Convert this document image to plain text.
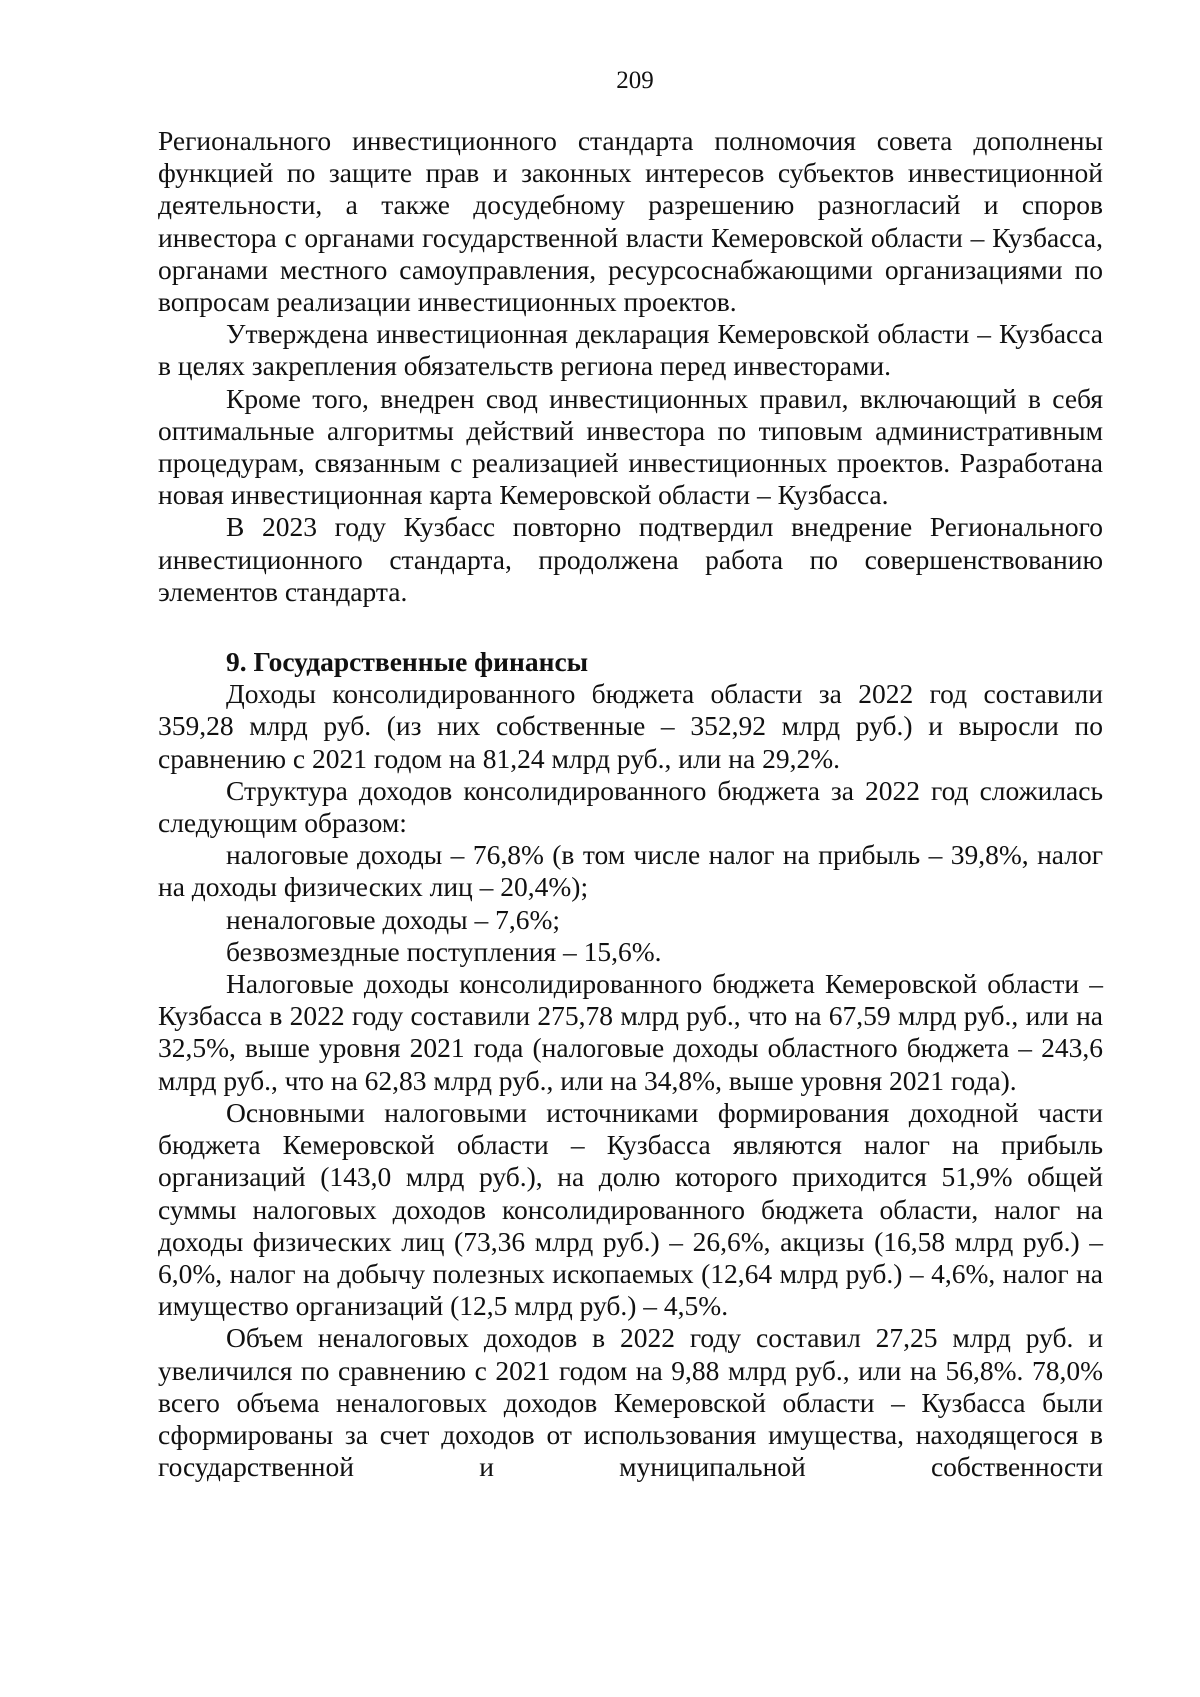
209

Регионального инвестиционного стандарта полномочия совета дополнены функцией по защите прав и законных интересов субъектов инвестиционной деятельности, а также досудебному разрешению разногласий и споров инвестора с органами государственной власти Кемеровской области – Кузбасса, органами местного самоуправления, ресурсоснабжающими организациями по вопросам реализации инвестиционных проектов.

Утверждена инвестиционная декларация Кемеровской области – Кузбасса в целях закрепления обязательств региона перед инвесторами.

Кроме того, внедрен свод инвестиционных правил, включающий в себя оптимальные алгоритмы действий инвестора по типовым административным процедурам, связанным с реализацией инвестиционных проектов. Разработана новая инвестиционная карта Кемеровской области – Кузбасса.

В 2023 году Кузбасс повторно подтвердил внедрение Регионального инвестиционного стандарта, продолжена работа по совершенствованию элементов стандарта.

9. Государственные финансы

Доходы консолидированного бюджета области за 2022 год составили 359,28 млрд руб. (из них собственные – 352,92 млрд руб.) и выросли по сравнению с 2021 годом на 81,24 млрд руб., или на 29,2%.

Структура доходов консолидированного бюджета за 2022 год сложилась следующим образом:

налоговые доходы – 76,8% (в том числе налог на прибыль – 39,8%, налог на доходы физических лиц – 20,4%);

неналоговые доходы – 7,6%;

безвозмездные поступления – 15,6%.

Налоговые доходы консолидированного бюджета Кемеровской области – Кузбасса в 2022 году составили 275,78 млрд руб., что на 67,59 млрд руб., или на 32,5%, выше уровня 2021 года (налоговые доходы областного бюджета – 243,6 млрд руб., что на 62,83 млрд руб., или на 34,8%, выше уровня 2021 года).

Основными налоговыми источниками формирования доходной части бюджета Кемеровской области – Кузбасса являются налог на прибыль организаций (143,0 млрд руб.), на долю которого приходится 51,9% общей суммы налоговых доходов консолидированного бюджета области, налог на доходы физических лиц (73,36 млрд руб.) – 26,6%, акцизы (16,58 млрд руб.) – 6,0%, налог на добычу полезных ископаемых (12,64 млрд руб.) – 4,6%, налог на имущество организаций (12,5 млрд руб.) – 4,5%.

Объем неналоговых доходов в 2022 году составил 27,25 млрд руб. и увеличился по сравнению с 2021 годом на 9,88 млрд руб., или на 56,8%. 78,0% всего объема неналоговых доходов Кемеровской области – Кузбасса были сформированы за счет доходов от использования имущества, находящегося в государственной и муниципальной собственности
